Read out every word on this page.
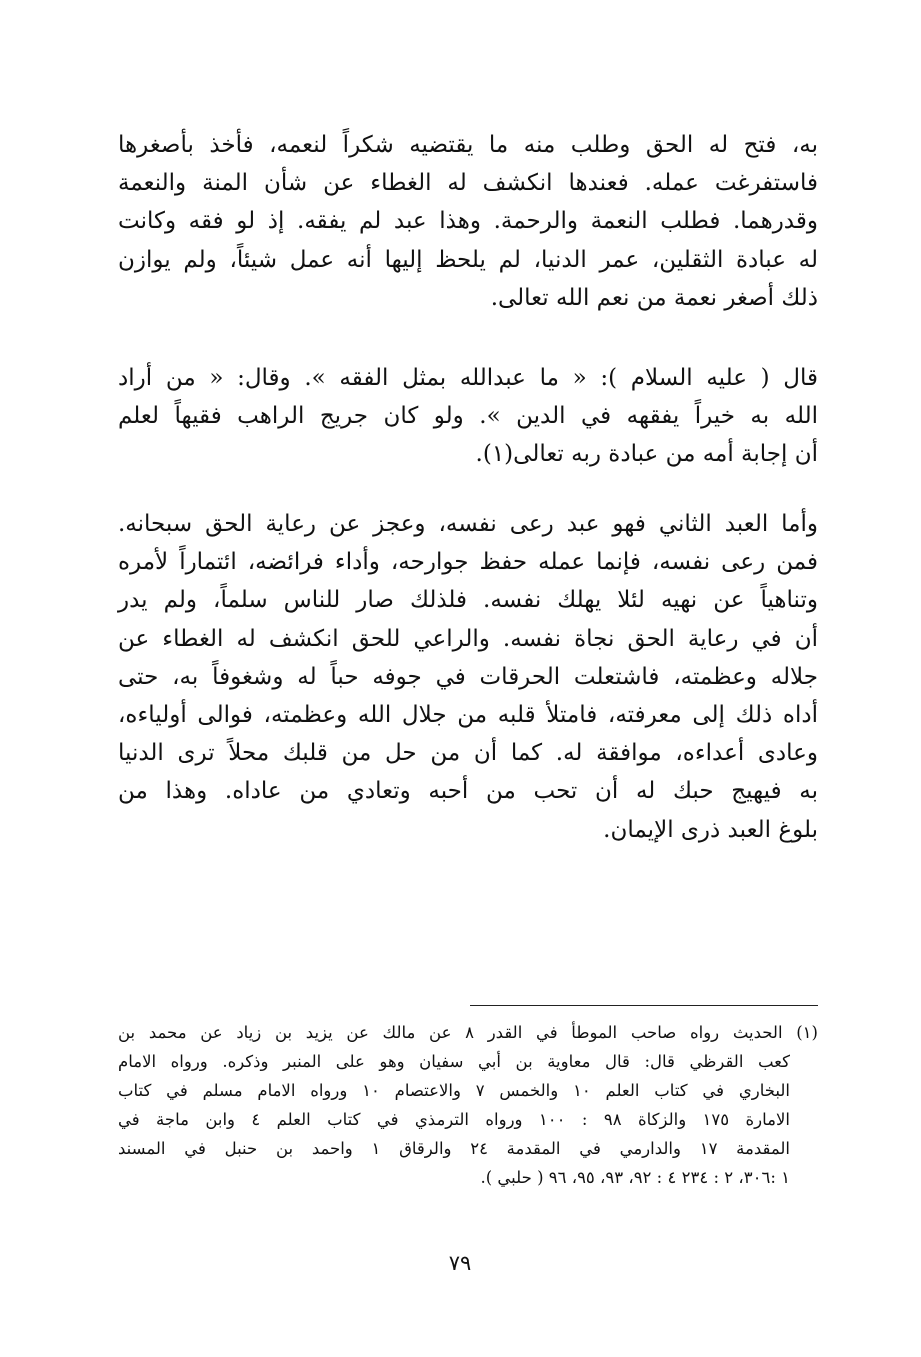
به، فتح له الحق وطلب منه ما يقتضيه شكراً لنعمه، فأخذ بأصغرها
فاستفرغت عمله. فعندها انكشف له الغطاء عن شأن المنة والنعمة
وقدرهما. فطلب النعمة والرحمة. وهذا عبد لم يفقه. إذ لو فقه وكانت
له عبادة الثقلين، عمر الدنيا، لم يلحظ إليها أنه عمل شيئاً، ولم يوازن
ذلك أصغر نعمة من نعم الله تعالى.

قال ( عليه السلام ): « ما عبدالله بمثل الفقه ». وقال: « من أراد
الله به خيراً يفقهه في الدين ». ولو كان جريج الراهب فقيهاً لعلم
أن إجابة أمه من عبادة ربه تعالى(١).

وأما العبد الثاني فهو عبد رعى نفسه، وعجز عن رعاية الحق سبحانه.
فمن رعى نفسه، فإنما عمله حفظ جوارحه، وأداء فرائضه، ائتماراً لأمره
وتناهياً عن نهيه لئلا يهلك نفسه. فلذلك صار للناس سلماً، ولم يدر
أن في رعاية الحق نجاة نفسه. والراعي للحق انكشف له الغطاء عن
جلاله وعظمته، فاشتعلت الحرقات في جوفه حباً له وشغوفاً به، حتى
أداه ذلك إلى معرفته، فامتلأ قلبه من جلال الله وعظمته، فوالى أولياءه،
وعادى أعداءه، موافقة له. كما أن من حل من قلبك محلاً ترى الدنيا
به فيهيج حبك له أن تحب من أحبه وتعادي من عاداه. وهذا من
بلوغ العبد ذرى الإيمان.

(١) الحديث رواه صاحب الموطأ في القدر ٨ عن مالك عن يزيد بن زياد عن محمد بن
كعب القرظي قال: قال معاوية بن أبي سفيان وهو على المنبر وذكره. ورواه الامام
البخاري في كتاب العلم ١٠ والخمس ٧ والاعتصام ١٠ ورواه الامام مسلم في كتاب
الامارة ١٧٥ والزكاة ٩٨ : ١٠٠ ورواه الترمذي في كتاب العلم ٤ وابن ماجة في
المقدمة ١٧ والدارمي في المقدمة ٢٤ والرقاق ١ واحمد بن حنبل في المسند
١ :٣٠٦، ٢ : ٢٣٤ ٤ : ٩٢، ٩٣، ٩٥، ٩٦ ( حلبي ).
٧٩
